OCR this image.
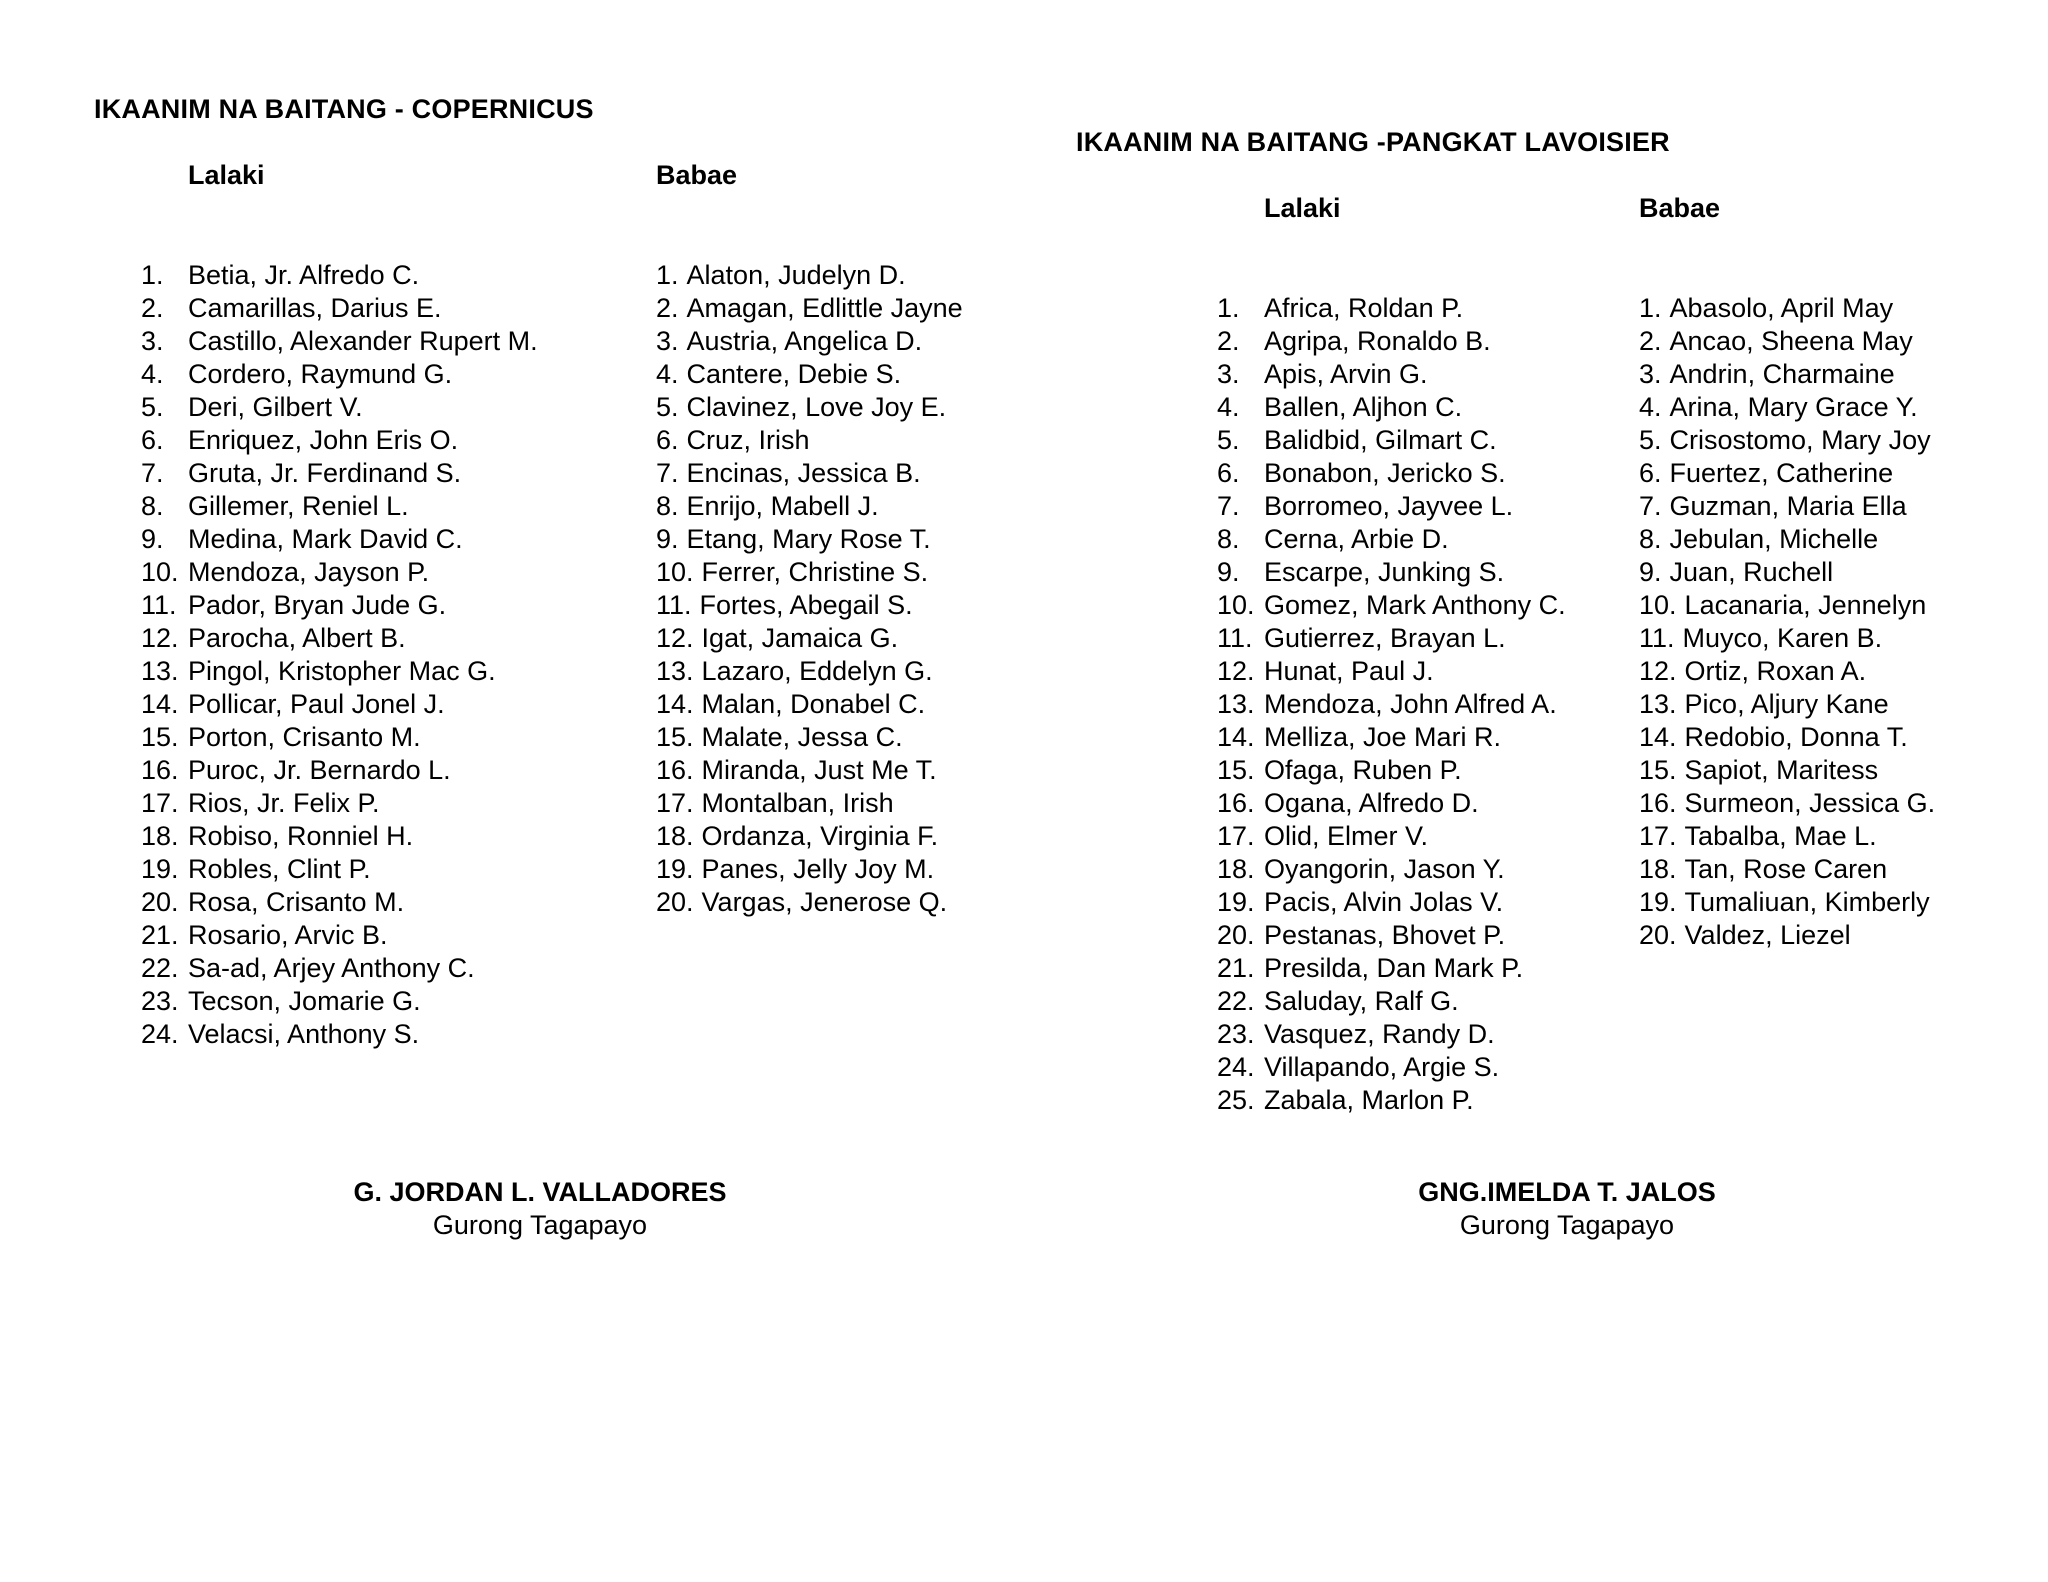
IKAANIM NA BAITANG - COPERNICUS
Lalaki	Babae
1. Betia, Jr. Alfredo C.
2. Camarillas, Darius E.
3. Castillo, Alexander Rupert M.
4. Cordero, Raymund G.
5. Deri, Gilbert V.
6. Enriquez, John Eris O.
7. Gruta, Jr. Ferdinand S.
8. Gillemer, Reniel L.
9. Medina, Mark David C.
10. Mendoza, Jayson P.
11. Pador, Bryan Jude G.
12. Parocha, Albert B.
13. Pingol, Kristopher Mac G.
14. Pollicar, Paul Jonel J.
15. Porton, Crisanto M.
16. Puroc, Jr. Bernardo L.
17. Rios, Jr. Felix P.
18. Robiso, Ronniel H.
19. Robles, Clint P.
20. Rosa, Crisanto M.
21. Rosario, Arvic B.
22. Sa-ad, Arjey Anthony C.
23. Tecson, Jomarie G.
24. Velacsi, Anthony S.
1. Alaton, Judelyn D.
2. Amagan, Edlittle Jayne
3. Austria, Angelica D.
4. Cantere, Debie S.
5. Clavinez, Love Joy E.
6. Cruz, Irish
7. Encinas, Jessica B.
8. Enrijo, Mabell J.
9. Etang, Mary Rose T.
10. Ferrer, Christine S.
11. Fortes, Abegail S.
12. Igat, Jamaica G.
13. Lazaro, Eddelyn G.
14. Malan, Donabel C.
15. Malate, Jessa C.
16. Miranda, Just Me T.
17. Montalban, Irish
18. Ordanza, Virginia F.
19. Panes, Jelly Joy M.
20. Vargas, Jenerose Q.
G. JORDAN L. VALLADORES
Gurong Tagapayo
IKAANIM NA BAITANG -PANGKAT LAVOISIER
Lalaki	Babae
1. Africa, Roldan P.
2. Agripa, Ronaldo B.
3. Apis, Arvin G.
4. Ballen, Aljhon C.
5. Balidbid, Gilmart C.
6. Bonabon, Jericko S.
7. Borromeo, Jayvee L.
8. Cerna, Arbie D.
9. Escarpe, Junking S.
10. Gomez, Mark Anthony C.
11. Gutierrez, Brayan L.
12. Hunat, Paul J.
13. Mendoza, John Alfred A.
14. Melliza, Joe Mari R.
15. Ofaga, Ruben P.
16. Ogana, Alfredo D.
17. Olid, Elmer V.
18. Oyangorin, Jason Y.
19. Pacis, Alvin Jolas V.
20. Pestanas, Bhovet P.
21. Presilda, Dan Mark P.
22. Saluday, Ralf G.
23. Vasquez, Randy D.
24. Villapando, Argie S.
25. Zabala, Marlon P.
1. Abasolo, April May
2. Ancao, Sheena May
3. Andrin, Charmaine
4. Arina, Mary Grace Y.
5. Crisostomo, Mary Joy
6. Fuertez, Catherine
7. Guzman, Maria Ella
8. Jebulan, Michelle
9. Juan, Ruchell
10. Lacanaria, Jennelyn
11. Muyco, Karen B.
12. Ortiz, Roxan A.
13. Pico, Aljury Kane
14. Redobio, Donna T.
15. Sapiot, Maritess
16. Surmeon, Jessica G.
17. Tabalba, Mae L.
18. Tan, Rose Caren
19. Tumaliuan, Kimberly
20. Valdez, Liezel
GNG.IMELDA T. JALOS
Gurong Tagapayo
